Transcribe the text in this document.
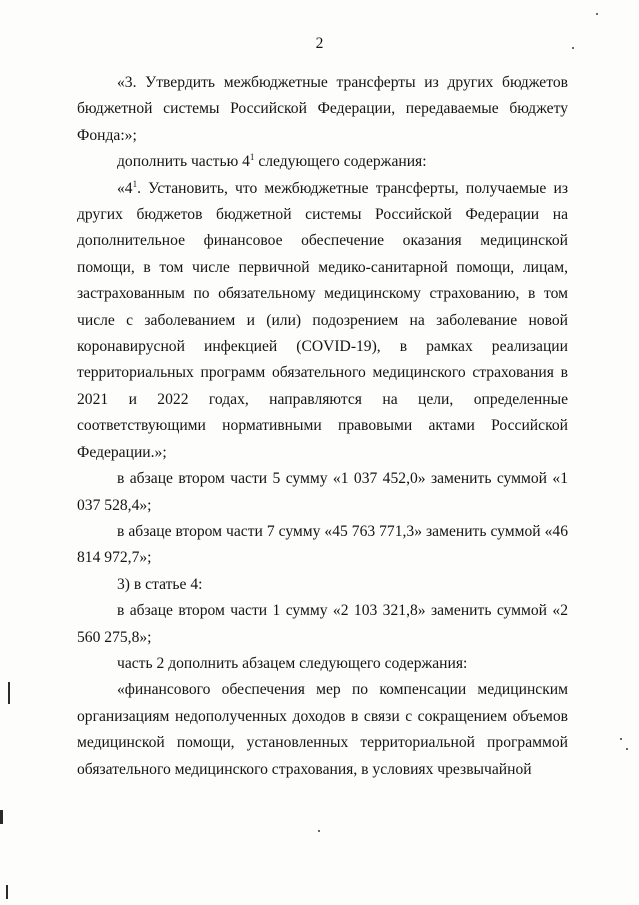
2

«3. Утвердить межбюджетные трансферты из других бюджетов бюджетной системы Российской Федерации, передаваемые бюджету Фонда:»;

дополнить частью $4^1$ следующего содержания:

«$4^1$. Установить, что межбюджетные трансферты, получаемые из других бюджетов бюджетной системы Российской Федерации на дополнительное финансовое обеспечение оказания медицинской помощи, в том числе первичной медико-санитарной помощи, лицам, застрахованным по обязательному медицинскому страхованию, в том числе с заболеванием и (или) подозрением на заболевание новой коронавирусной инфекцией (COVID-19), в рамках реализации территориальных программ обязательного медицинского страхования в 2021 и 2022 годах, направляются на цели, определенные соответствующими нормативными правовыми актами Российской Федерации.»;

в абзаце втором части 5 сумму «1 037 452,0» заменить суммой «1 037 528,4»;

в абзаце втором части 7 сумму «45 763 771,3» заменить суммой «46 814 972,7»;

3) в статье 4:

в абзаце втором части 1 сумму «2 103 321,8» заменить суммой «2 560 275,8»;

часть 2 дополнить абзацем следующего содержания:

«финансового обеспечения мер по компенсации медицинским организациям недополученных доходов в связи с сокращением объемов медицинской помощи, установленных территориальной программой обязательного медицинского страхования, в условиях чрезвычайной
